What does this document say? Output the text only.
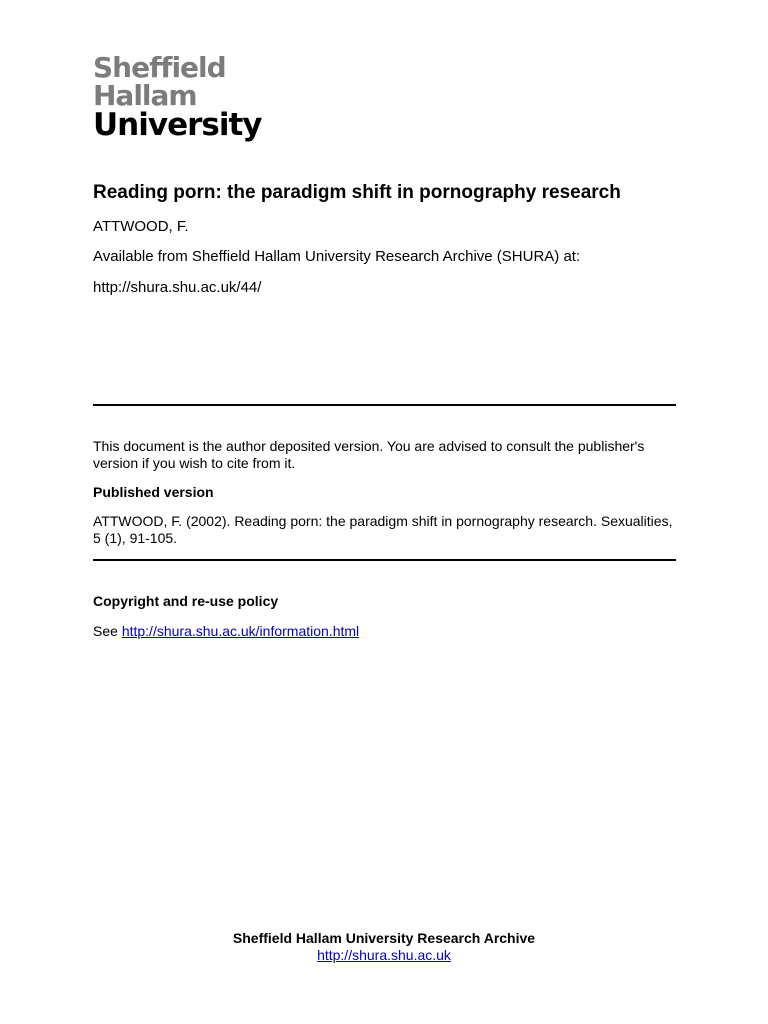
Sheffield
Hallam
University
Reading porn: the paradigm shift in pornography research

ATTWOOD, F.

Available from Sheffield Hallam University Research Archive (SHURA) at:

http://shura.shu.ac.uk/44/

This document is the author deposited version. You are advised to consult the publisher's version if you wish to cite from it.

Published version

ATTWOOD, F. (2002). Reading porn: the paradigm shift in pornography research. Sexualities, 5 (1), 91-105.

Copyright and re-use policy

See http://shura.shu.ac.uk/information.html

Sheffield Hallam University Research Archive
http://shura.shu.ac.uk
